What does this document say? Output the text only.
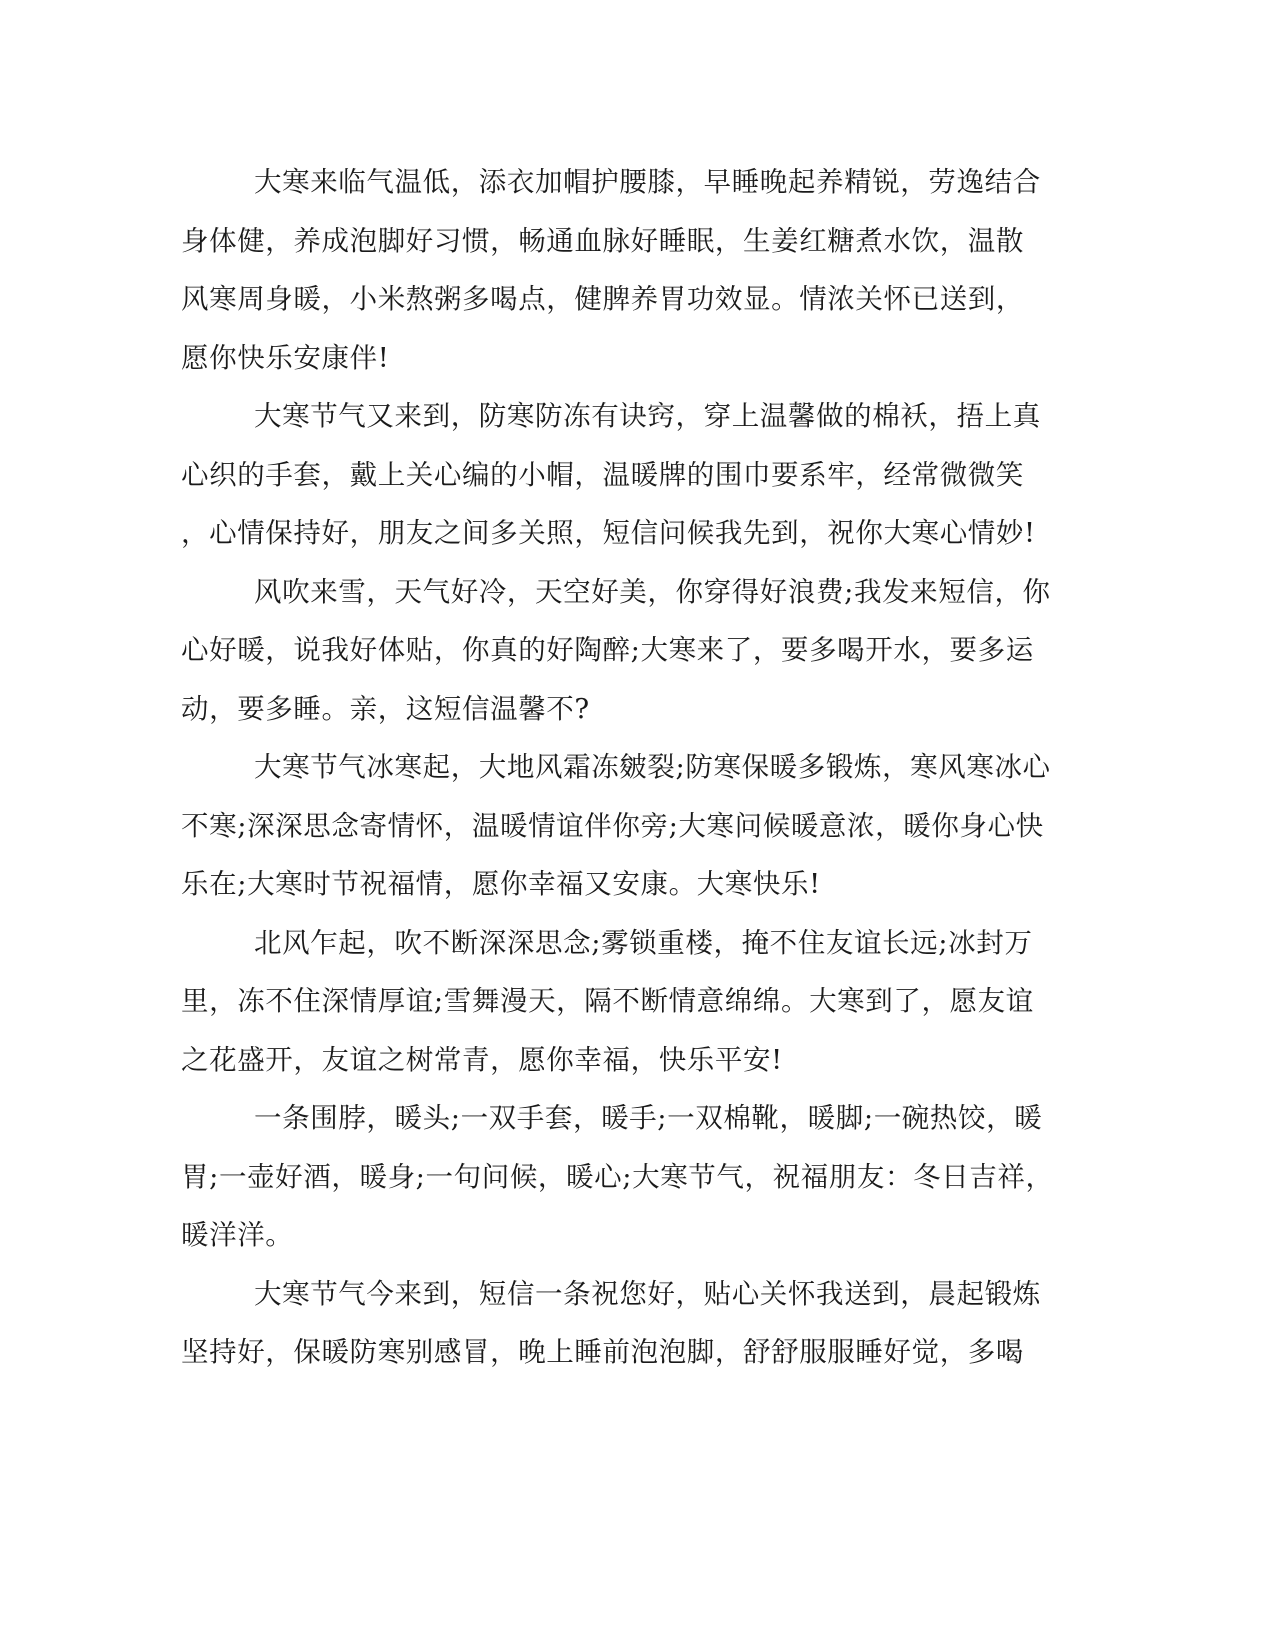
大寒来临气温低，添衣加帽护腰膝，早睡晚起养精锐，劳逸结合
身体健，养成泡脚好习惯，畅通血脉好睡眠，生姜红糖煮水饮，温散
风寒周身暖，小米熬粥多喝点，健脾养胃功效显。情浓关怀已送到，
愿你快乐安康伴!
大寒节气又来到，防寒防冻有诀窍，穿上温馨做的棉袄，捂上真
心织的手套，戴上关心编的小帽，温暖牌的围巾要系牢，经常微微笑
，心情保持好，朋友之间多关照，短信问候我先到，祝你大寒心情妙!
风吹来雪，天气好冷，天空好美，你穿得好浪费;我发来短信，你
心好暖，说我好体贴，你真的好陶醉;大寒来了，要多喝开水，要多运
动，要多睡。亲，这短信温馨不?
大寒节气冰寒起，大地风霜冻皴裂;防寒保暖多锻炼，寒风寒冰心
不寒;深深思念寄情怀，温暖情谊伴你旁;大寒问候暖意浓，暖你身心快
乐在;大寒时节祝福情，愿你幸福又安康。大寒快乐!
北风乍起，吹不断深深思念;雾锁重楼，掩不住友谊长远;冰封万
里，冻不住深情厚谊;雪舞漫天，隔不断情意绵绵。大寒到了，愿友谊
之花盛开，友谊之树常青，愿你幸福，快乐平安!
一条围脖，暖头;一双手套，暖手;一双棉靴，暖脚;一碗热饺，暖
胃;一壶好酒，暖身;一句问候，暖心;大寒节气，祝福朋友：冬日吉祥，
暖洋洋。
大寒节气今来到，短信一条祝您好，贴心关怀我送到，晨起锻炼
坚持好，保暖防寒别感冒，晚上睡前泡泡脚，舒舒服服睡好觉，多喝
